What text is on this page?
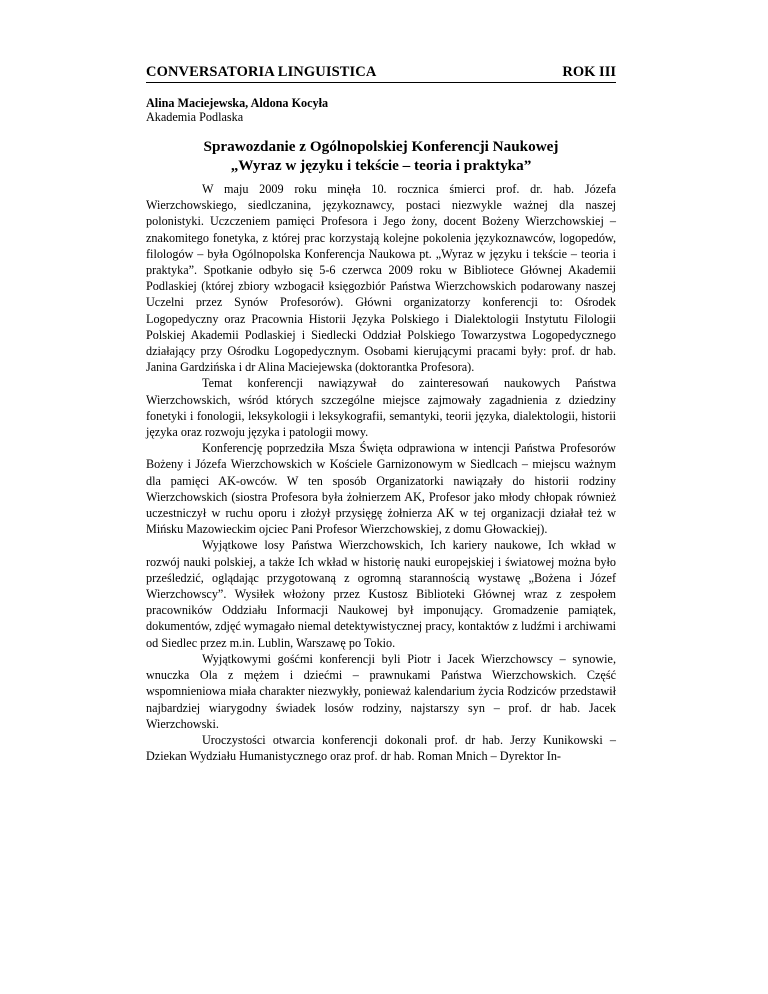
CONVERSATORIA LINGUISTICA	ROK III
Alina Maciejewska, Aldona Kocyła
Akademia Podlaska
Sprawozdanie z Ogólnopolskiej Konferencji Naukowej
„Wyraz w języku i tekście – teoria i praktyka”

W maju 2009 roku minęła 10. rocznica śmierci prof. dr. hab. Józefa Wierzchowskiego, siedlczanina, językoznawcy, postaci niezwykle ważnej dla naszej polonistyki. Uczczeniem pamięci Profesora i Jego żony, docent Bożeny Wierzchowskiej – znakomitego fonetyka, z której prac korzystają kolejne pokolenia językoznawców, logopedów, filologów – była Ogólnopolska Konferencja Naukowa pt. „Wyraz w języku i tekście – teoria i praktyka”. Spotkanie odbyło się 5-6 czerwca 2009 roku w Bibliotece Głównej Akademii Podlaskiej (której zbiory wzbogacił księgozbiór Państwa Wierzchowskich podarowany naszej Uczelni przez Synów Profesorów). Główni organizatorzy konferencji to: Ośrodek Logopedyczny oraz Pracownia Historii Języka Polskiego i Dialektologii Instytutu Filologii Polskiej Akademii Podlaskiej i Siedlecki Oddział Polskiego Towarzystwa Logopedycznego działający przy Ośrodku Logopedycznym. Osobami kierującymi pracami były: prof. dr hab. Janina Gardzińska i dr Alina Maciejewska (doktorantka Profesora).

Temat konferencji nawiązywał do zainteresowań naukowych Państwa Wierzchowskich, wśród których szczególne miejsce zajmowały zagadnienia z dziedziny fonetyki i fonologii, leksykologii i leksykografii, semantyki, teorii języka, dialektologii, historii języka oraz rozwoju języka i patologii mowy.

Konferencję poprzedziła Msza Święta odprawiona w intencji Państwa Profesorów Bożeny i Józefa Wierzchowskich w Kościele Garnizonowym w Siedlcach – miejscu ważnym dla pamięci AK-owców. W ten sposób Organizatorki nawiązały do historii rodziny Wierzchowskich (siostra Profesora była żołnierzem AK, Profesor jako młody chłopak również uczestniczył w ruchu oporu i złożył przysięgę żołnierza AK w tej organizacji działał też w Mińsku Mazowieckim ojciec Pani Profesor Wierzchowskiej, z domu Głowackiej).

Wyjątkowe losy Państwa Wierzchowskich, Ich kariery naukowe, Ich wkład w rozwój nauki polskiej, a także Ich wkład w historię nauki europejskiej i światowej można było prześledzić, oglądając przygotowaną z ogromną starannością wystawę „Bożena i Józef Wierzchowscy”. Wysiłek włożony przez Kustosz Biblioteki Głównej wraz z zespołem pracowników Oddziału Informacji Naukowej był imponujący. Gromadzenie pamiątek, dokumentów, zdjęć wymagało niemal detektywistycznej pracy, kontaktów z ludźmi i archiwami od Siedlec przez m.in. Lublin, Warszawę po Tokio.

Wyjątkowymi gośćmi konferencji byli Piotr i Jacek Wierzchowscy – synowie, wnuczka Ola z mężem i dziećmi – prawnukami Państwa Wierzchowskich. Część wspomnieniowa miała charakter niezwykły, ponieważ kalendarium życia Rodziców przedstawił najbardziej wiarygodny świadek losów rodziny, najstarszy syn – prof. dr hab. Jacek Wierzchowski.

Uroczystości otwarcia konferencji dokonali prof. dr hab. Jerzy Kunikowski – Dziekan Wydziału Humanistycznego oraz prof. dr hab. Roman Mnich – Dyrektor In-
